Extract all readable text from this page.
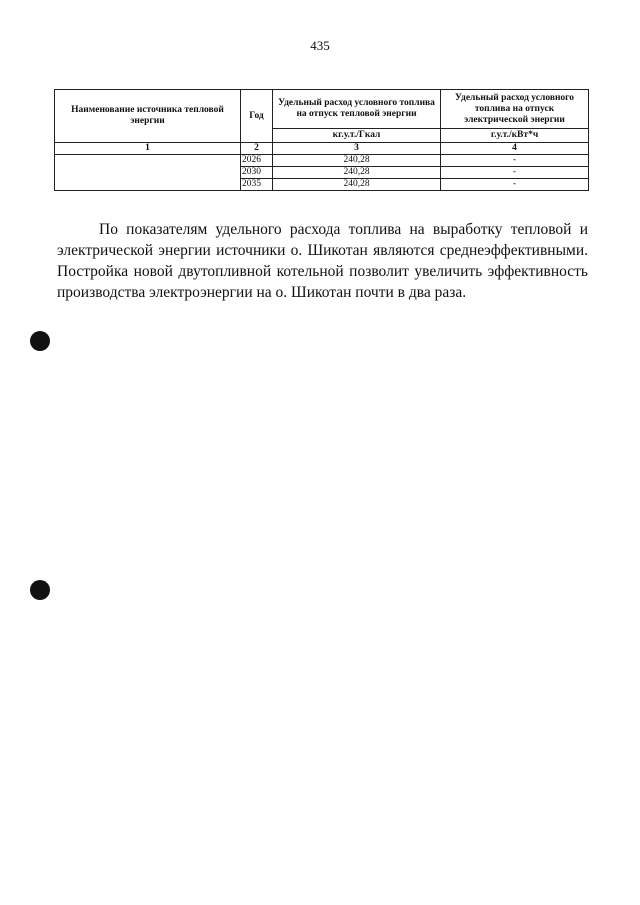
435
Наименование источника тепловой энергии	Год	Удельный расход условного топлива на отпуск тепловой энергии	Удельный расход условного топлива на отпуск электрической энергии
		кг.у.т./Гкал	г.у.т./кВт*ч
1	2	3	4
	2026	240,28	-
	2030	240,28	-
	2035	240,28	-

По показателям удельного расхода топлива на выработку тепловой и электрической энергии источники о. Шикотан являются среднеэффективными. Постройка новой двутопливной котельной позволит увеличить эффективность производства электроэнергии на о. Шикотан почти в два раза.
